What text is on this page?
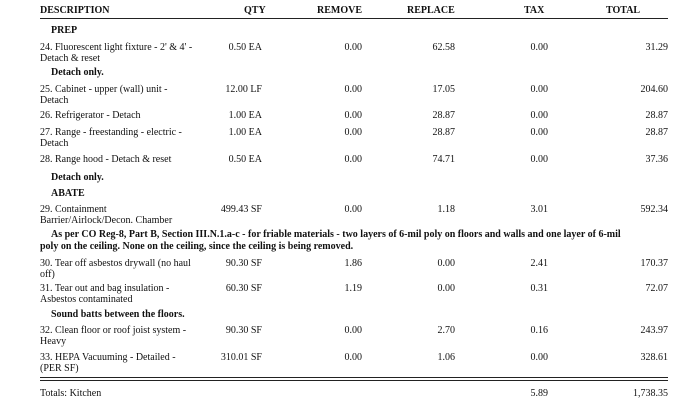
DESCRIPTION	QTY	REMOVE	REPLACE	TAX	TOTAL
PREP
24. Fluorescent light fixture - 2' & 4' -
Detach & reset
0.50 EA	0.00	62.58	0.00	31.29
25. Cabinet - upper (wall) unit -
Detach
12.00 LF	0.00	17.05	0.00	204.60
26. Refrigerator - Detach	1.00 EA	0.00	28.87	0.00	28.87
27. Range - freestanding - electric -
Detach
1.00 EA	0.00	28.87	0.00	28.87
28. Range hood - Detach & reset	0.50 EA	0.00	74.71	0.00	37.36
29. Containment
Barrier/Airlock/Decon. Chamber
499.43 SF	0.00	1.18	3.01	592.34
30. Tear off asbestos drywall (no haul
off)
90.30 SF	1.86	0.00	2.41	170.37
31. Tear out and bag insulation -
Asbestos contaminated
60.30 SF	1.19	0.00	0.31	72.07
32. Clean floor or roof joist system -
Heavy
90.30 SF	0.00	2.70	0.16	243.97
33. HEPA Vacuuming - Detailed -
(PER SF)
310.01 SF	0.00	1.06	0.00	328.61
Detach only.
Detach only.
ABATE
As per CO Reg-8, Part B, Section III.N.1.a-c - for friable materials - two layers of 6-mil poly on floors and walls and one layer of 6-mil
poly on the ceiling. None on the ceiling, since the ceiling is being removed.
Sound batts between the floors.
Totals: Kitchen	5.89	1,738.35
